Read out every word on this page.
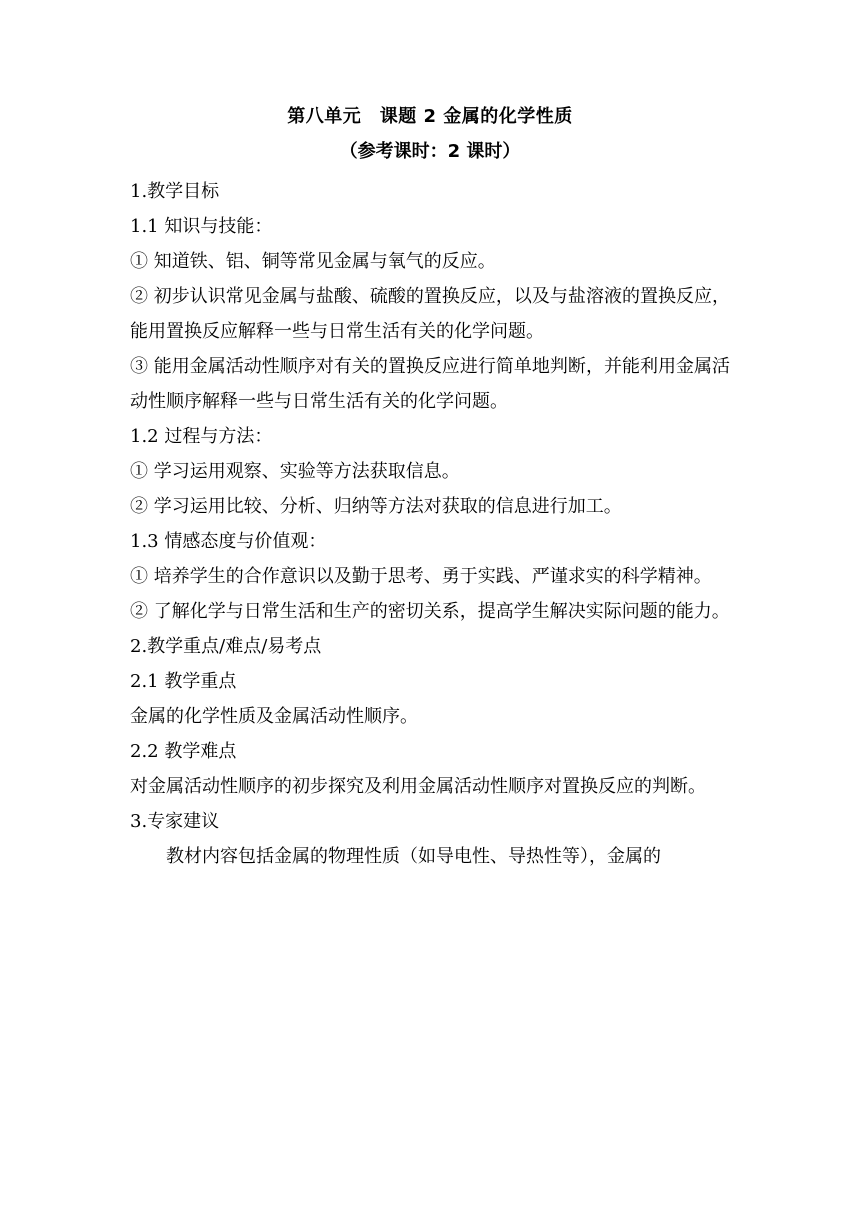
第八单元　课题 2 金属的化学性质

（参考课时：2 课时）

1.教学目标

1.1 知识与技能：

① 知道铁、铝、铜等常见金属与氧气的反应。

② 初步认识常见金属与盐酸、硫酸的置换反应，以及与盐溶液的置换反应，能用置换反应解释一些与日常生活有关的化学问题。

③ 能用金属活动性顺序对有关的置换反应进行简单地判断，并能利用金属活动性顺序解释一些与日常生活有关的化学问题。

1.2 过程与方法：

① 学习运用观察、实验等方法获取信息。

② 学习运用比较、分析、归纳等方法对获取的信息进行加工。

1.3 情感态度与价值观：

① 培养学生的合作意识以及勤于思考、勇于实践、严谨求实的科学精神。

② 了解化学与日常生活和生产的密切关系，提高学生解决实际问题的能力。

2.教学重点/难点/易考点

2.1 教学重点

金属的化学性质及金属活动性顺序。

2.2 教学难点

对金属活动性顺序的初步探究及利用金属活动性顺序对置换反应的判断。

3.专家建议

教材内容包括金属的物理性质（如导电性、导热性等），金属的
